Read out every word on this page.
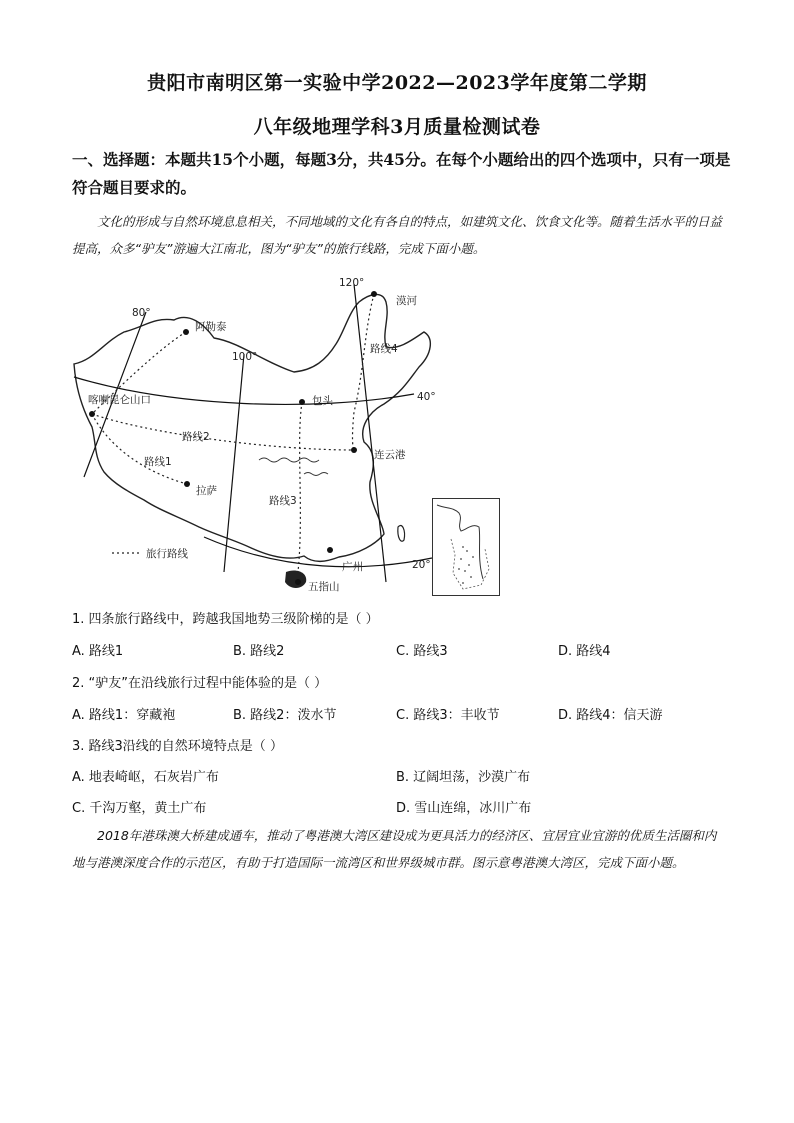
贵阳市南明区第一实验中学2022—2023学年度第二学期
八年级地理学科3月质量检测试卷
一、选择题：本题共15个小题，每题3分，共45分。在每个小题给出的四个选项中，只有一项是符合题目要求的。
文化的形成与自然环境息息相关，不同地域的文化有各自的特点，如建筑文化、饮食文化等。随着生活水平的日益提高，众多“驴友”游遍大江南北，图为“驴友”的旅行线路，完成下面小题。
80°
100°
120°
40°
20°
漠河
阿勒泰
路线4
喀喇昆仑山口	包头
路线2
连云港
路线1
拉萨
路线3
旅行路线
广州
五指山
1. 四条旅行路线中，跨越我国地势三级阶梯的是（ ）
A. 路线1	B. 路线2	C. 路线3	D. 路线4
2. “驴友”在沿线旅行过程中能体验的是（ ）
A. 路线1：穿藏袍	B. 路线2：泼水节	C. 路线3：丰收节	D. 路线4：信天游
3. 路线3沿线的自然环境特点是（ ）
A. 地表崎岖，石灰岩广布	B. 辽阔坦荡，沙漠广布
C. 千沟万壑，黄土广布	D. 雪山连绵，冰川广布
2018年港珠澳大桥建成通车，推动了粤港澳大湾区建设成为更具活力的经济区、宜居宜业宜游的优质生活圈和内地与港澳深度合作的示范区，有助于打造国际一流湾区和世界级城市群。图示意粤港澳大湾区，完成下面小题。
